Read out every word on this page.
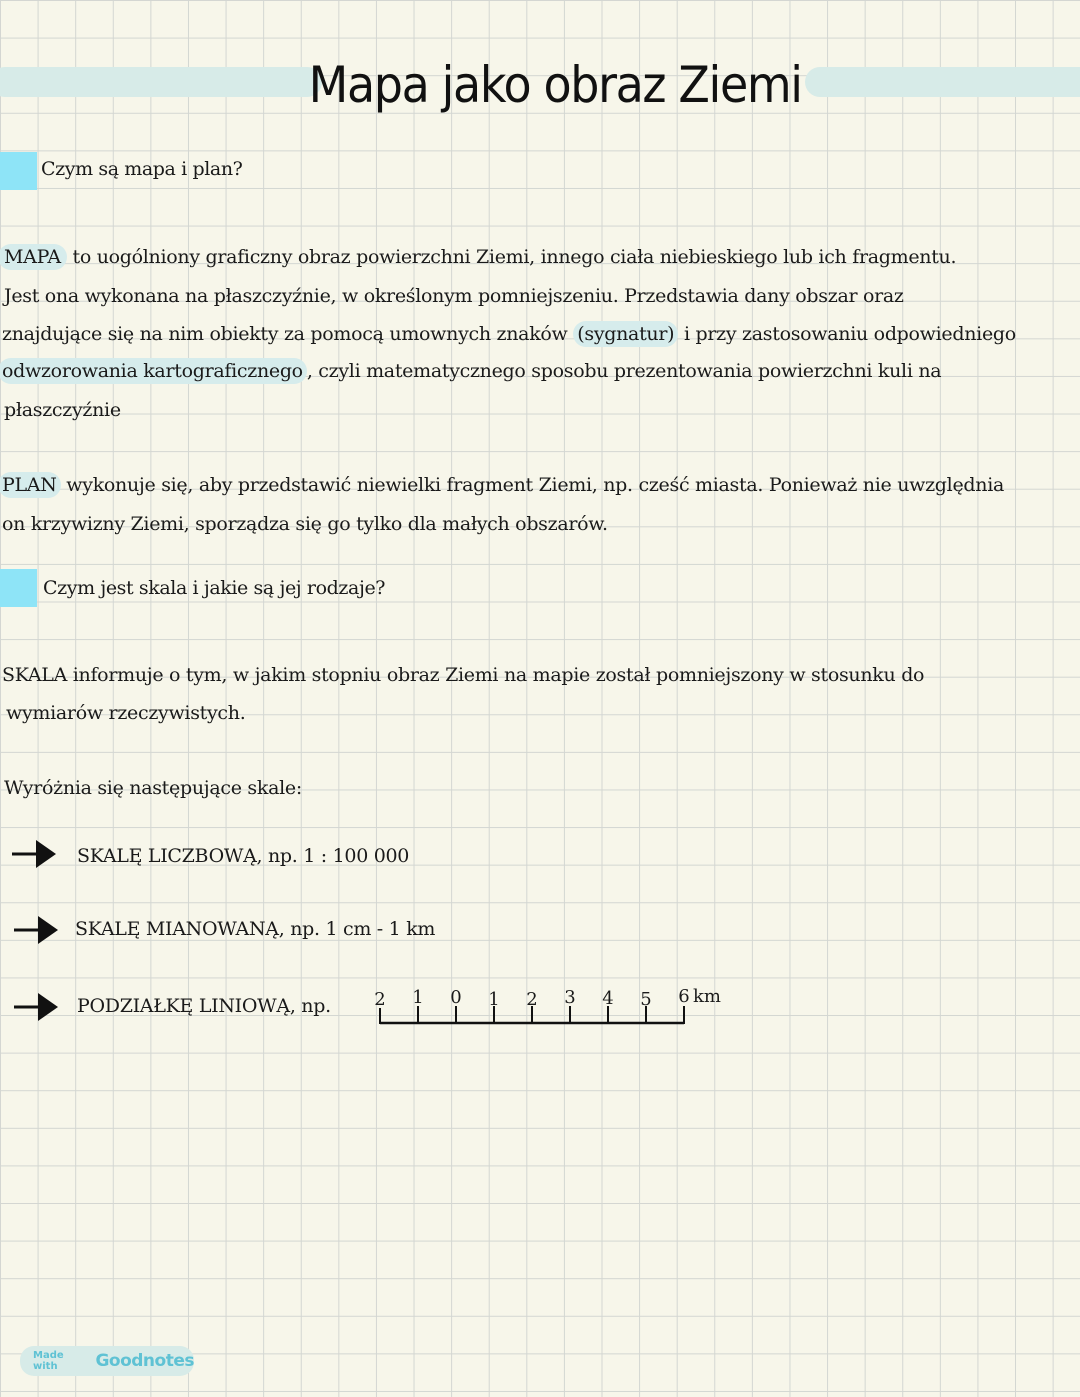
Mapa jako obraz Ziemi
Czym są mapa i plan?
MAPA to uogólniony graficzny obraz powierzchni Ziemi, innego ciała niebieskiego lub ich fragmentu.
Jest ona wykonana na płaszczyźnie, w określonym pomniejszeniu. Przedstawia dany obszar oraz
znajdujące się na nim obiekty za pomocą umownych znaków (sygnatur) i przy zastosowaniu odpowiedniego
odwzorowania kartograficznego , czyli matematycznego sposobu prezentowania powierzchni kuli na
płaszczyźnie
PLAN wykonuje się, aby przedstawić niewielki fragment Ziemi, np. cześć miasta. Ponieważ nie uwzględnia
on krzywizny Ziemi, sporządza się go tylko dla małych obszarów.
Czym jest skala i jakie są jej rodzaje?
SKALA informuje o tym, w jakim stopniu obraz Ziemi na mapie został pomniejszony w stosunku do
wymiarów rzeczywistych.
Wyróżnia się następujące skale:
SKALĘ LICZBOWĄ, np. 1 : 100 000
SKALĘ MIANOWANĄ, np. 1 cm - 1 km
PODZIAŁKĘ LINIOWĄ, np. 2 1 0 1 2 3 4 5 6 km
Made with	Goodnotes
